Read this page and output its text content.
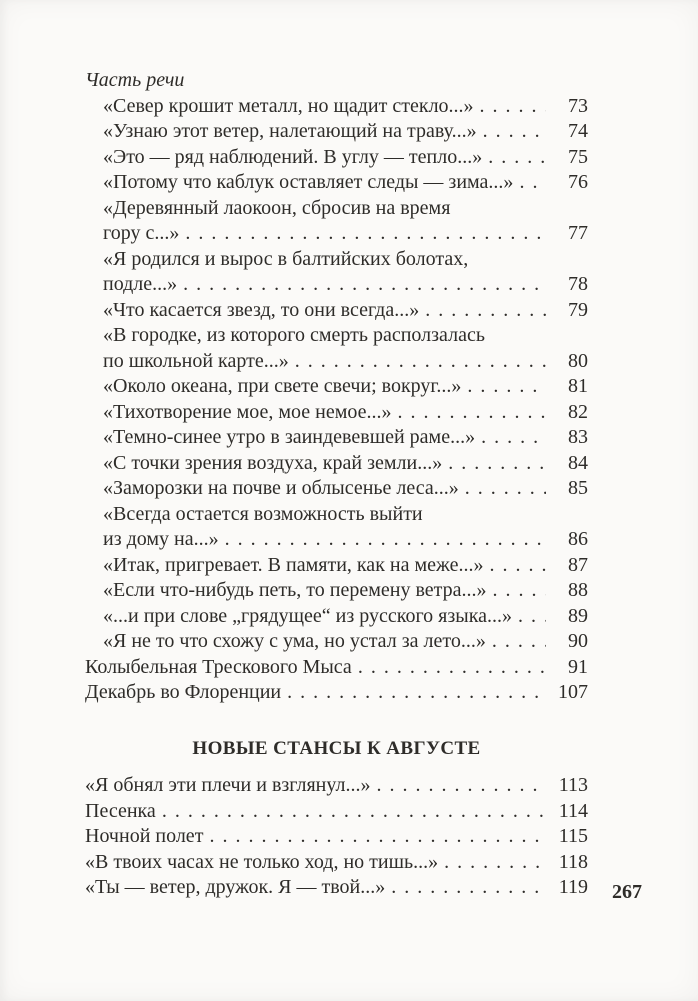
Часть речи
«Север крошит металл, но щадит стекло...» . . .	73
«Узнаю этот ветер, налетающий на траву...» . . .	74
«Это — ряд наблюдений. В углу — тепло...» . . .	75
«Потому что каблук оставляет следы — зима...» . . .	76
«Деревянный лаокоон, сбросив на время
гору с...» . . .	77
«Я родился и вырос в балтийских болотах,
подле...» . . .	78
«Что касается звезд, то они всегда...» . . .	79
«В городке, из которого смерть расползалась
по школьной карте...» . . .	80
«Около океана, при свете свечи; вокруг...» . . .	81
«Тихотворение мое, мое немое...» . . .	82
«Темно-синее утро в заиндевевшей раме...» . . .	83
«С точки зрения воздуха, край земли...» . . .	84
«Заморозки на почве и облысенье леса...» . . .	85
«Всегда остается возможность выйти
из дому на...» . . .	86
«Итак, пригревает. В памяти, как на меже...» . . .	87
«Если что-нибудь петь, то перемену ветра...» . . .	88
«...и при слове „грядущее“ из русского языка...» . . .	89
«Я не то что схожу с ума, но устал за лето...» . . .	90
Колыбельная Трескового Мыса . . .	91
Декабрь во Флоренции . . .	107
НОВЫЕ СТАНСЫ К АВГУСТЕ
«Я обнял эти плечи и взглянул...» . . .	113
Песенка . . .	114
Ночной полет . . .	115
«В твоих часах не только ход, но тишь...» . . .	118
«Ты — ветер, дружок. Я — твой...» . . .	119	267
